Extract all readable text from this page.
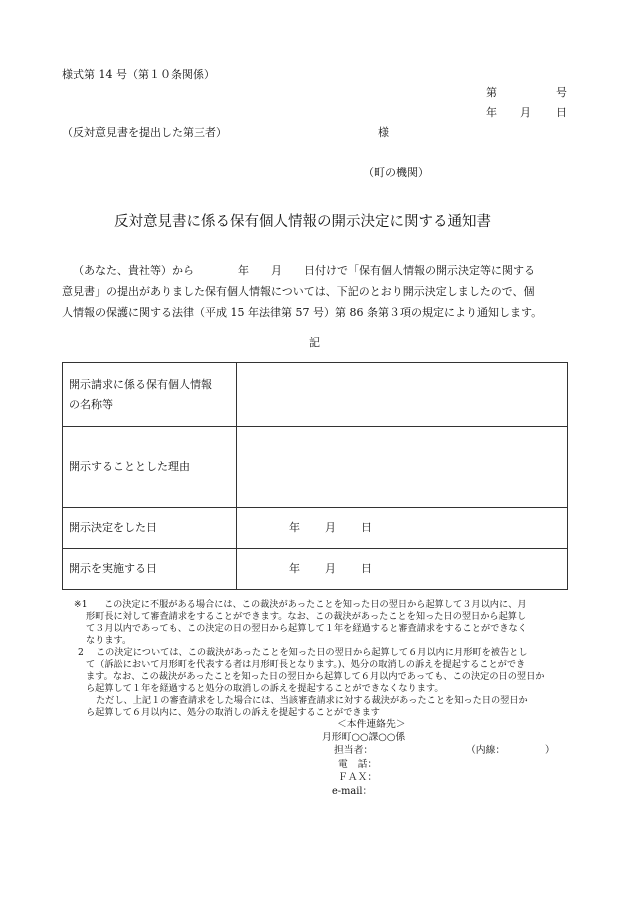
様式第 14 号（第１０条関係）
第	号
年 月 日
（反対意見書を提出した第三者）	様
（町の機関）
反対意見書に係る保有個人情報の開示決定に関する通知書
（あなた、貴社等）から　　　　年　　月　　日付けで「保有個人情報の開示決定等に関する
意見書」の提出がありました保有個人情報については、下記のとおり開示決定しましたので、個
人情報の保護に関する法律（平成 15 年法律第 57 号）第 86 条第３項の規定により通知します。
記
開示請求に係る保有個人情報
の名称等	

開示することとした理由	
開示決定をした日	年 月 日

開示を実施する日	年 月 日
※1 この決定に不服がある場合には、この裁決があったことを知った日の翌日から起算して３月以内に、月
形町長に対して審査請求をすることができます。なお、この裁決があったことを知った日の翌日から起算し
て３月以内であっても、この決定の日の翌日から起算して１年を経過すると審査請求をすることができなく
なります。
2 この決定については、この裁決があったことを知った日の翌日から起算して６月以内に月形町を被告とし
て（訴訟において月形町を代表する者は月形町長となります。)、処分の取消しの訴えを提起することができ
ます。なお、この裁決があったことを知った日の翌日から起算して６月以内であっても、この決定の日の翌日か
ら起算して１年を経過すると処分の取消しの訴えを提起することができなくなります。
ただし、上記１の審査請求をした場合には、当該審査請求に対する裁決があったことを知った日の翌日か
ら起算して６月以内に、処分の取消しの訴えを提起することができます
＜本件連絡先＞
月形町○○課○○係
担当者：	（内線：	）
電　話：
ＦＡＸ：
e-mail：
